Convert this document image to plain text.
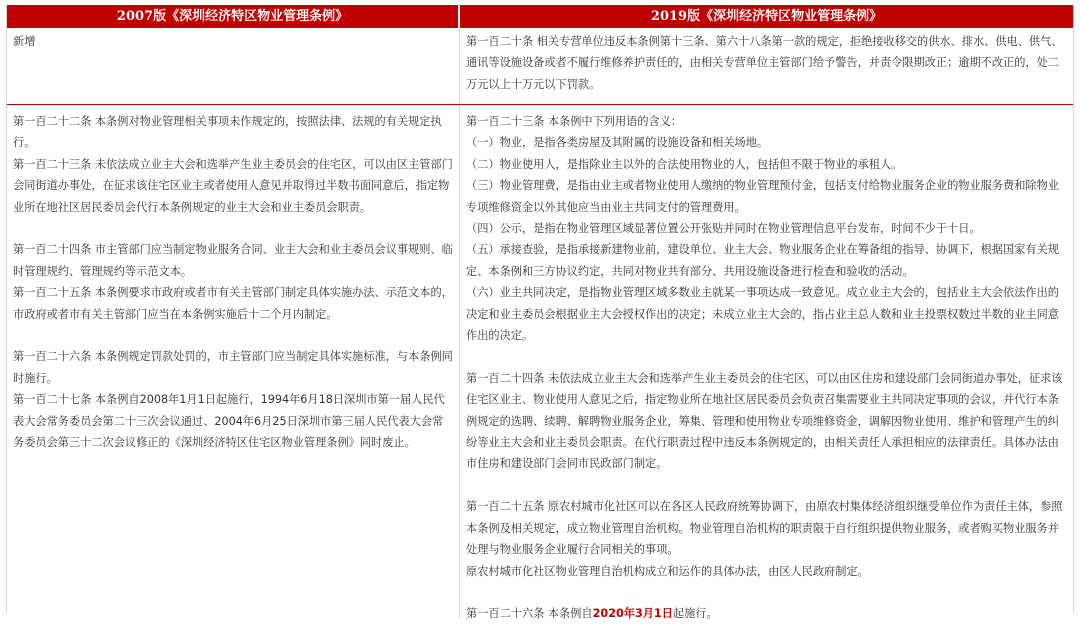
2007版《深圳经济特区物业管理条例》	2019版《深圳经济特区物业管理条例》

新增	第一百二十条 相关专营单位违反本条例第十三条、第六十八条第一款的规定，拒绝接收移交的供水、排水、供电、供气、通讯等设施设备或者不履行维修养护责任的，由相关专营单位主管部门给予警告，并责令限期改正；逾期不改正的，处二万元以上十万元以下罚款。

第一百二十二条 本条例对物业管理相关事项未作规定的，按照法律、法规的有关规定执行。

第一百二十三条 未依法成立业主大会和选举产生业主委员会的住宅区，可以由区主管部门会同街道办事处，在征求该住宅区业主或者使用人意见并取得过半数书面同意后，指定物业所在地社区居民委员会代行本条例规定的业主大会和业主委员会职责。

第一百二十四条 市主管部门应当制定物业服务合同、业主大会和业主委员会议事规则、临时管理规约、管理规约等示范文本。

第一百二十五条 本条例要求市政府或者市有关主管部门制定具体实施办法、示范文本的，市政府或者市有关主管部门应当在本条例实施后十二个月内制定。

第一百二十六条 本条例规定罚款处罚的，市主管部门应当制定具体实施标准，与本条例同时施行。

第一百二十七条 本条例自2008年1月1日起施行，1994年6月18日深圳市第一届人民代表大会常务委员会第二十三次会议通过、2004年6月25日深圳市第三届人民代表大会常务委员会第三十二次会议修正的《深圳经济特区住宅区物业管理条例》同时废止。

第一百二十三条 本条例中下列用语的含义：

（一）物业，是指各类房屋及其附属的设施设备和相关场地。

（二）物业使用人，是指除业主以外的合法使用物业的人，包括但不限于物业的承租人。

（三）物业管理费，是指由业主或者物业使用人缴纳的物业管理预付金，包括支付给物业服务企业的物业服务费和除物业专项维修资金以外其他应当由业主共同支付的管理费用。

（四）公示，是指在物业管理区域显著位置公开张贴并同时在物业管理信息平台发布，时间不少于十日。

（五）承接查验，是指承接新建物业前，建设单位、业主大会、物业服务企业在筹备组的指导、协调下，根据国家有关规定、本条例和三方协议约定，共同对物业共有部分、共用设施设备进行检查和验收的活动。

（六）业主共同决定，是指物业管理区域多数业主就某一事项达成一致意见。成立业主大会的，包括业主大会依法作出的决定和业主委员会根据业主大会授权作出的决定；未成立业主大会的，指占业主总人数和业主投票权数过半数的业主同意作出的决定。

第一百二十四条 未依法成立业主大会和选举产生业主委员会的住宅区，可以由区住房和建设部门会同街道办事处，征求该住宅区业主、物业使用人意见之后，指定物业所在地社区居民委员会负责召集需要业主共同决定事项的会议，并代行本条例规定的选聘、续聘、解聘物业服务企业，筹集、管理和使用物业专项维修资金，调解因物业使用、维护和管理产生的纠纷等业主大会和业主委员会职责。在代行职责过程中违反本条例规定的，由相关责任人承担相应的法律责任。具体办法由市住房和建设部门会同市民政部门制定。

第一百二十五条 原农村城市化社区可以在各区人民政府统筹协调下，由原农村集体经济组织继受单位作为责任主体，参照本条例及相关规定，成立物业管理自治机构。物业管理自治机构的职责限于自行组织提供物业服务，或者购买物业服务并处理与物业服务企业履行合同相关的事项。

原农村城市化社区物业管理自治机构成立和运作的具体办法，由区人民政府制定。

第一百二十六条 本条例自2020年3月1日起施行。
